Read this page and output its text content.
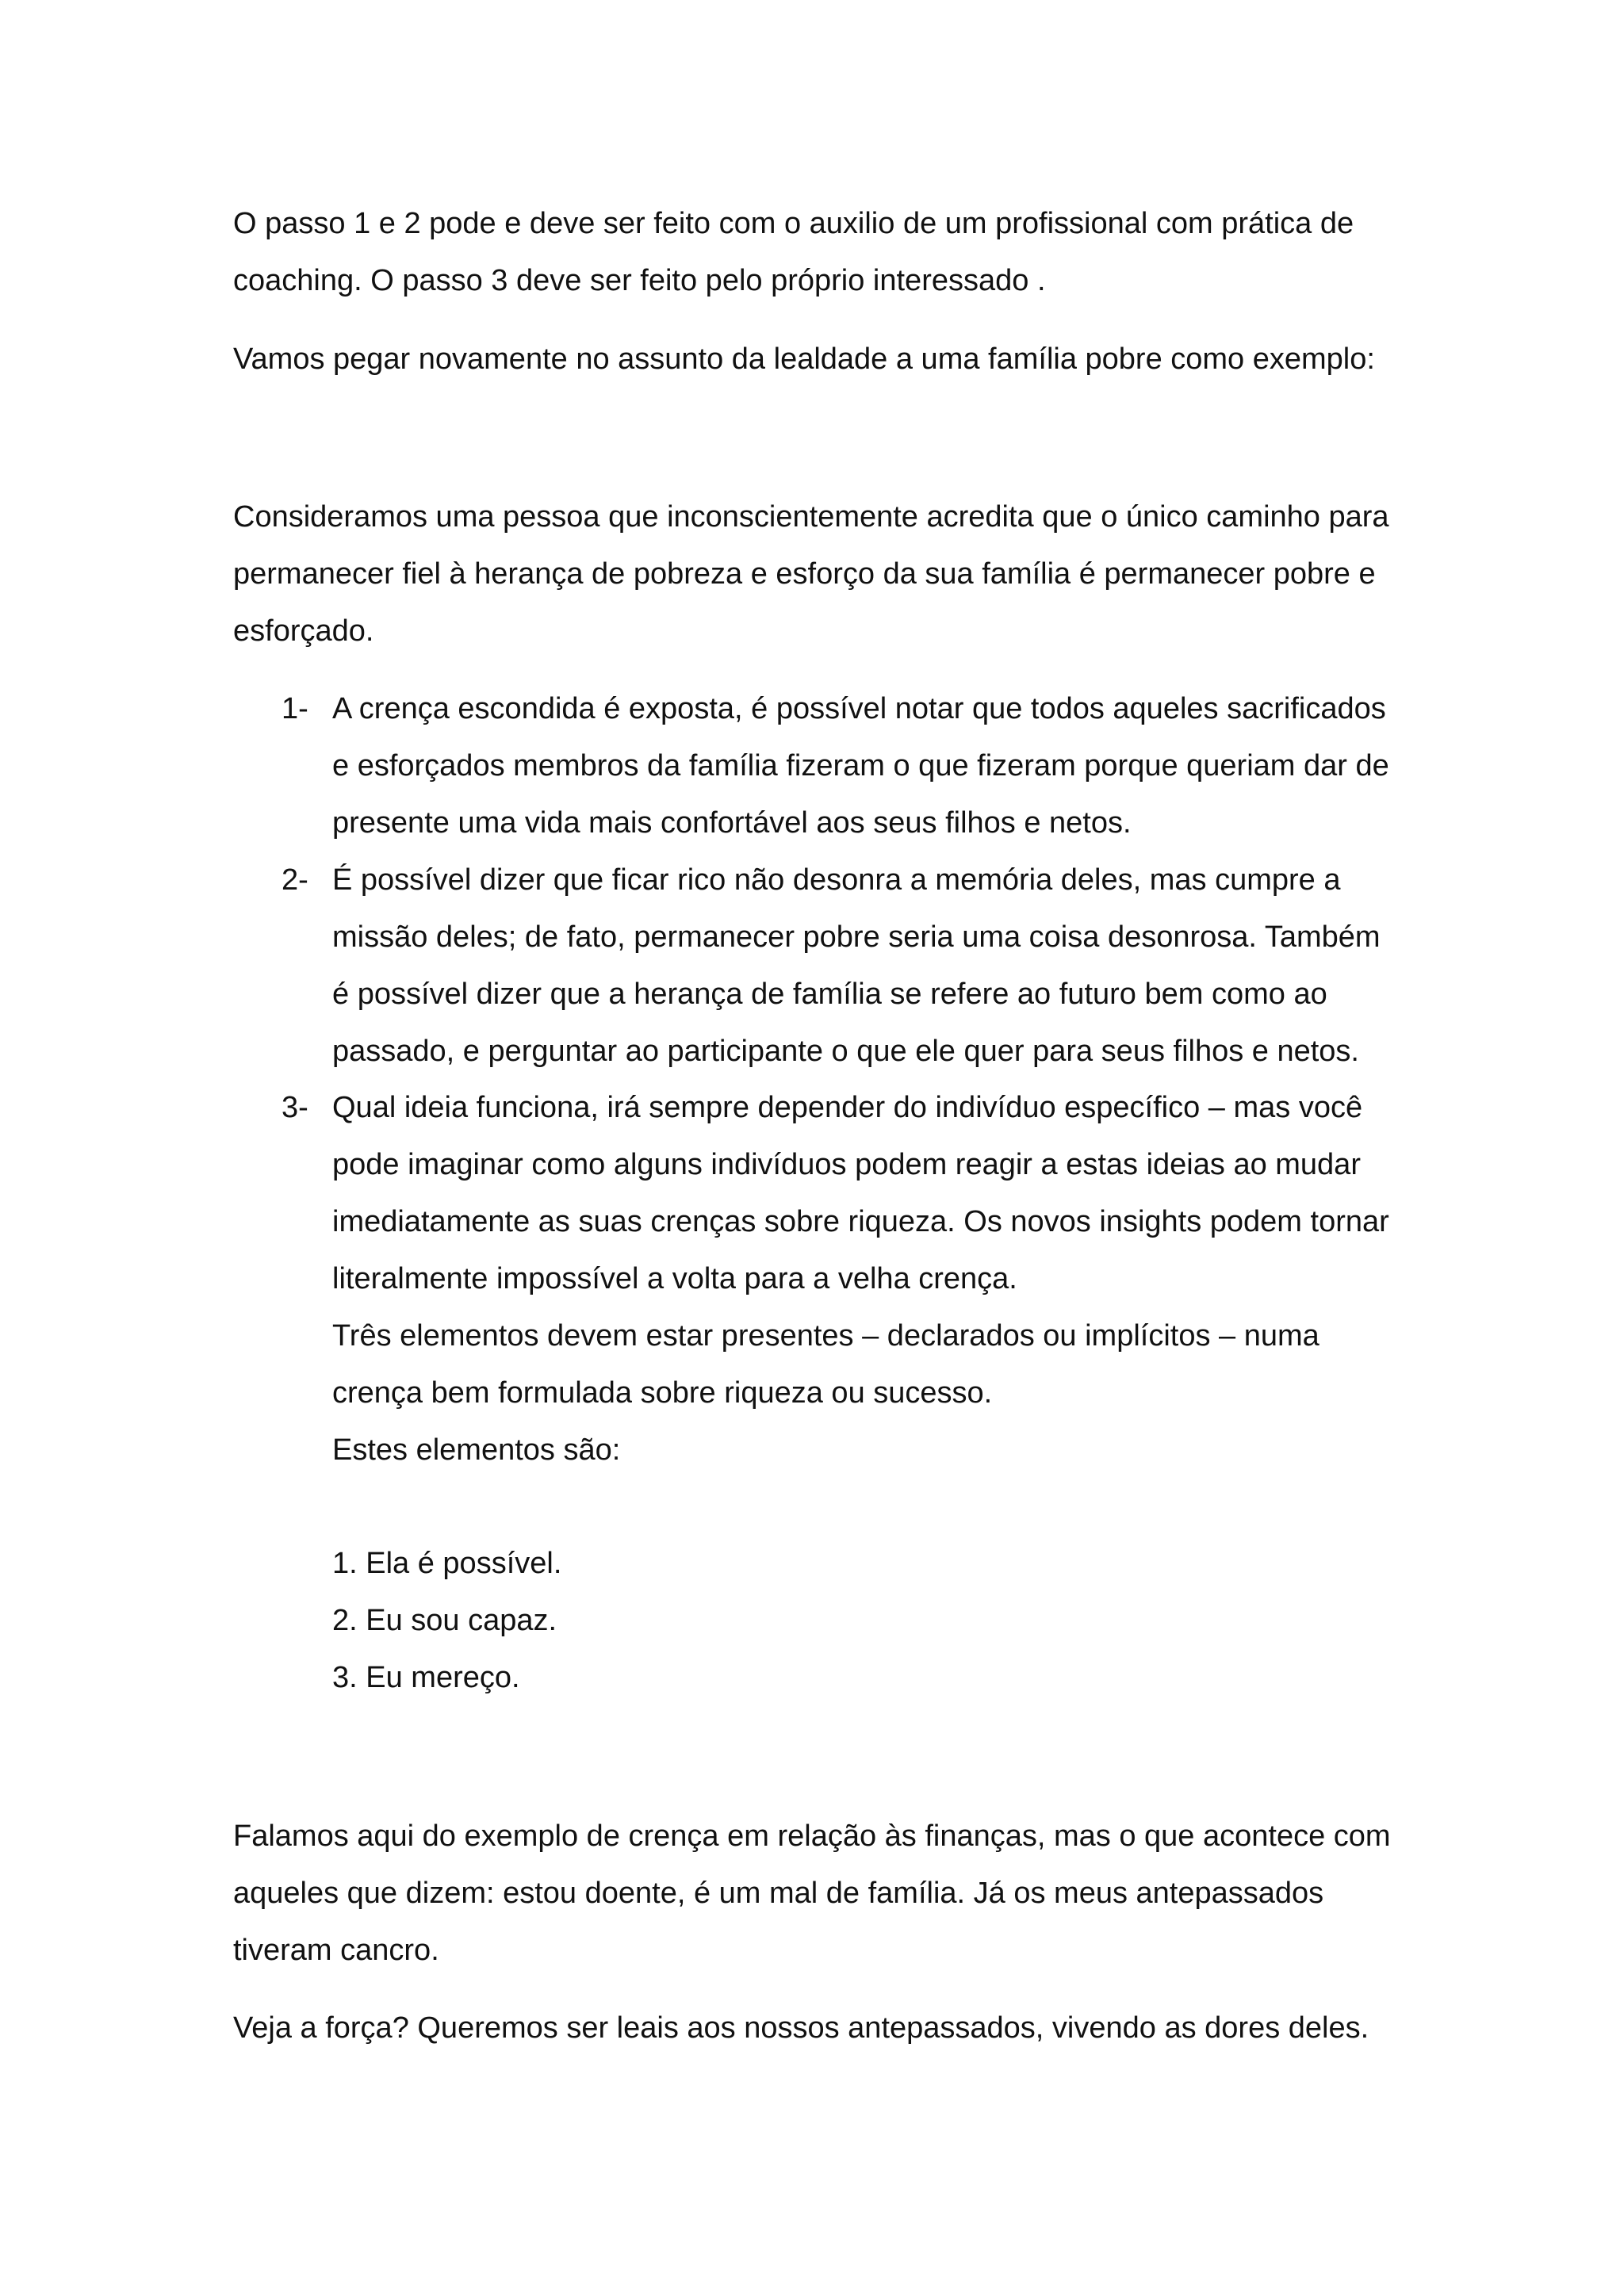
O passo 1 e 2 pode e deve ser feito com o auxilio de um profissional com prática de

coaching. O passo 3 deve ser feito pelo próprio interessado .

Vamos pegar novamente no assunto da lealdade a uma família pobre como exemplo:

Consideramos uma pessoa que inconscientemente acredita que o único caminho para

permanecer fiel à herança de pobreza e esforço da sua família é permanecer pobre e

esforçado.

1- A crença escondida é exposta, é possível notar que todos aqueles sacrificados

e esforçados membros da família fizeram o que fizeram porque queriam dar de

presente uma vida mais confortável aos seus filhos e netos.

2- É possível dizer que ficar rico não desonra a memória deles, mas cumpre a

missão deles; de fato, permanecer pobre seria uma coisa desonrosa. Também

é possível dizer que a herança de família se refere ao futuro bem como ao

passado, e perguntar ao participante o que ele quer para seus filhos e netos.

3- Qual ideia funciona, irá sempre depender do indivíduo específico – mas você

pode imaginar como alguns indivíduos podem reagir a estas ideias ao mudar

imediatamente as suas crenças sobre riqueza. Os novos insights podem tornar

literalmente impossível a volta para a velha crença.

Três elementos devem estar presentes – declarados ou implícitos – numa

crença bem formulada sobre riqueza ou sucesso.

Estes elementos são:

1. Ela é possível.

2. Eu sou capaz.

3. Eu mereço.

Falamos aqui do exemplo de crença em relação às finanças, mas o que acontece com

aqueles que dizem: estou doente, é um mal de família. Já os meus antepassados

tiveram cancro.

Veja a força? Queremos ser leais aos nossos antepassados, vivendo as dores deles.
